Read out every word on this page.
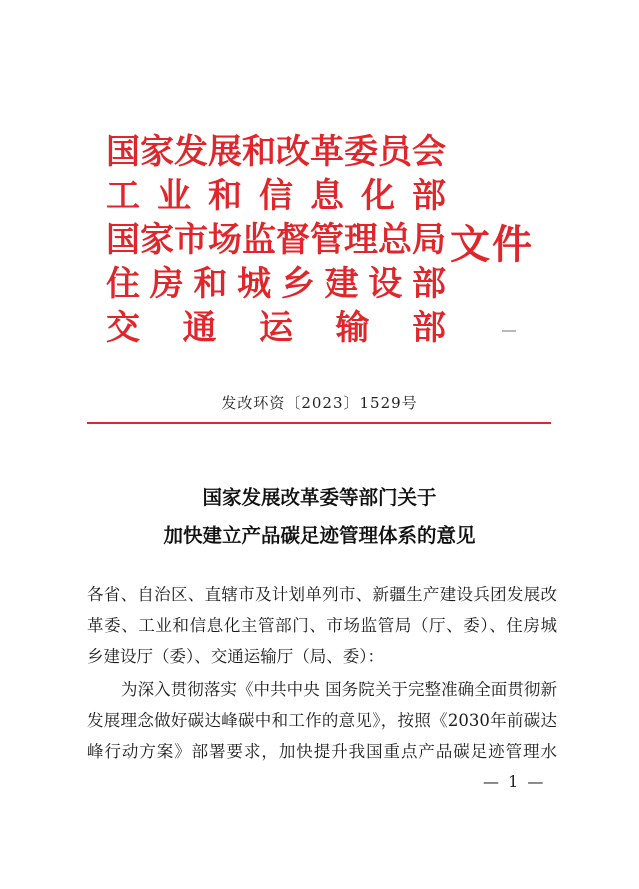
国家发展和改革委员会
工业和信息化部
国家市场监督管理总局
住房和城乡建设部
交通运输部
文件
发改环资〔2023〕1529号
国家发展改革委等部门关于
加快建立产品碳足迹管理体系的意见
各省、自治区、直辖市及计划单列市、新疆生产建设兵团发展改
革委、工业和信息化主管部门、市场监管局（厅、委）、住房城
乡建设厅（委）、交通运输厅（局、委）：
为深入贯彻落实《中共中央 国务院关于完整准确全面贯彻新
发展理念做好碳达峰碳中和工作的意见》，按照《2030年前碳达
峰行动方案》部署要求，加快提升我国重点产品碳足迹管理水
— 1 —
